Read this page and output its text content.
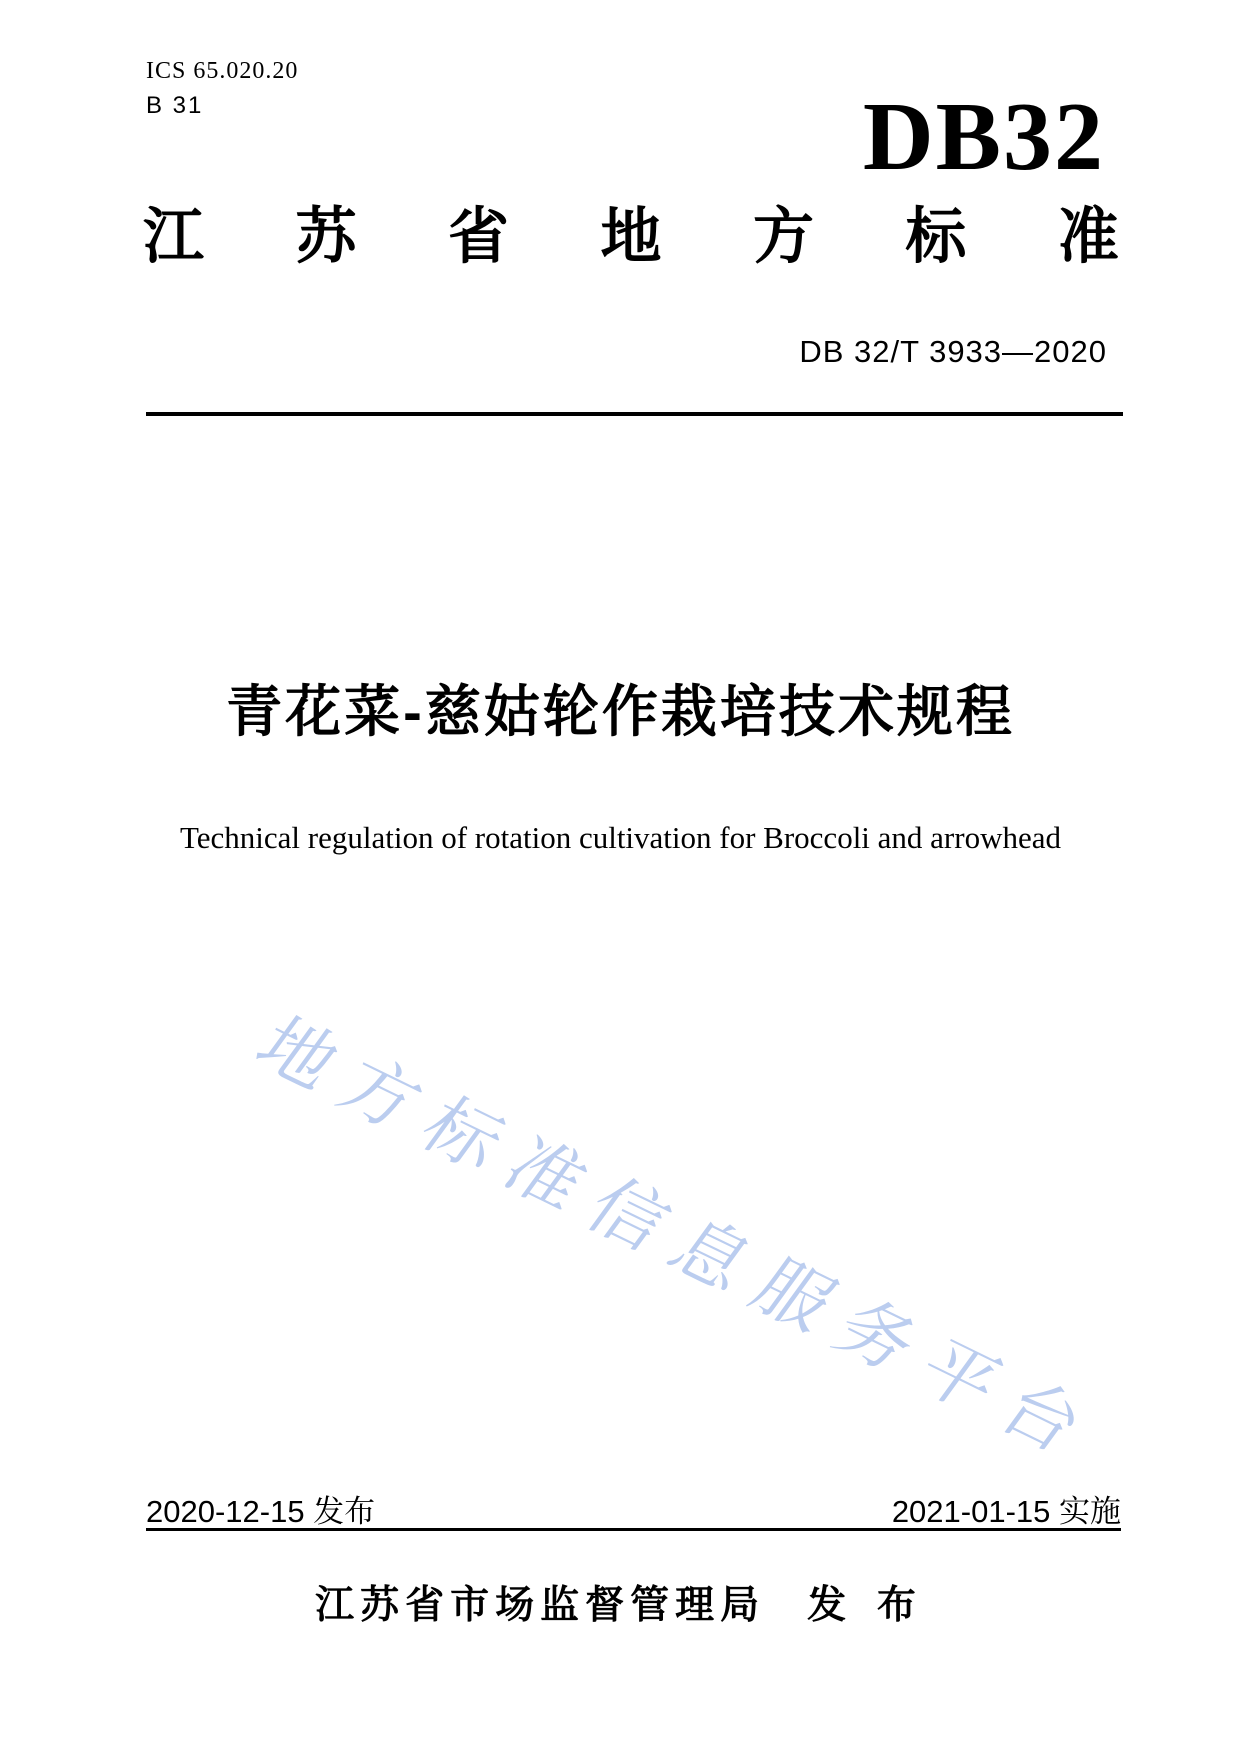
ICS 65.020.20
B 31	DB32
江 苏 省 地 方 标 准
DB 32/T 3933—2020
青花菜-慈姑轮作栽培技术规程
Technical regulation of rotation cultivation for Broccoli and arrowhead
地方标准信息服务平台
2020-12-15 发布	2021-01-15 实施
江苏省市场监督管理局 发 布
